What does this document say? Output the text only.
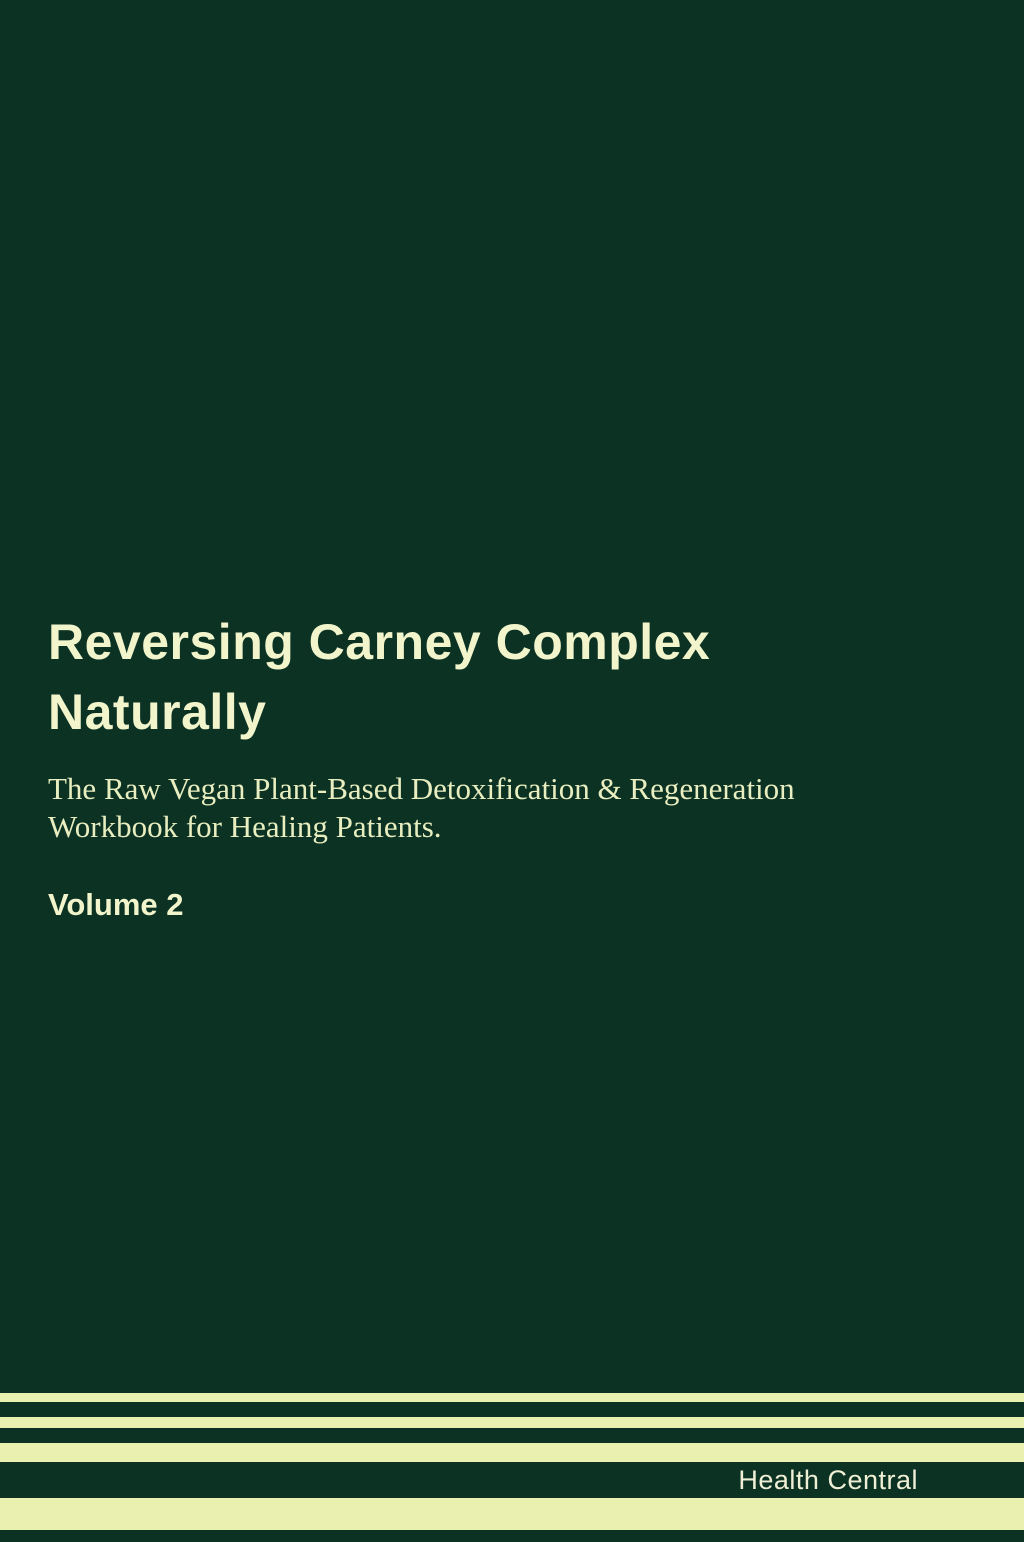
Reversing Carney Complex
Naturally

The Raw Vegan Plant-Based Detoxification & Regeneration
Workbook for Healing Patients.

Volume 2

Health Central
